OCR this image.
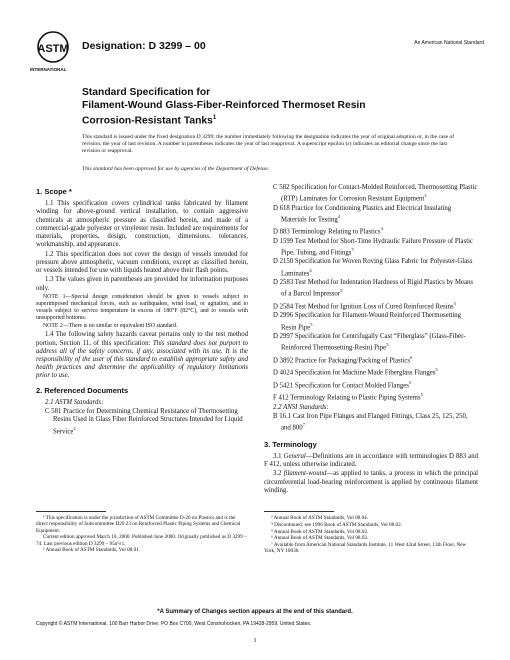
ASTM
INTERNATIONAL
Designation: D 3299 – 00	An American National Standard
Standard Specification for
Filament-Wound Glass-Fiber-Reinforced Thermoset Resin
Corrosion-Resistant Tanks$^1$
This standard is issued under the fixed designation D 3299; the number immediately following the designation indicates the year of original adoption or, in the case of revision, the year of last revision. A number in parentheses indicates the year of last reapproval. A superscript epsilon (ε) indicates an editorial change since the last revision or reapproval.
This standard has been approved for use by agencies of the Department of Defense.

1. Scope *

1.1 This specification covers cylindrical tanks fabricated by filament winding for above-ground vertical installation, to contain aggressive chemicals at atmospheric pressure as classified herein, and made of a commercial-grade polyester or vinylester resin. Included are requirements for materials, properties, design, construction, dimensions, tolerances, workmanship, and appearance.

1.2 This specification does not cover the design of vessels intended for pressure above atmospheric, vacuum conditions, except as classified herein, or vessels intended for use with liquids heated above their flash points.

1.3 The values given in parentheses are provided for information purposes only.

NOTE 1—Special design consideration should be given to vessels subject to superimposed mechanical forces, such as earthquakes, wind load, or agitation, and to vessels subject to service temperature in excess of 180°F (82°C), and to vessels with unsupported bottoms.

NOTE 2—There is no similar or equivalent ISO standard.

1.4 The following safety hazards caveat pertains only to the test method portion, Section 11, of this specification: This standard does not purport to address all of the safety concerns, if any, associated with its use. It is the responsibility of the user of this standard to establish appropriate safety and health practices and determine the applicability of regulatory limitations prior to use.

2. Referenced Documents

2.1 ASTM Standards:

C 581 Practice for Determining Chemical Resistance of Thermosetting Resins Used in Glass Fiber Reinforced Structures Intended for Liquid Service$^2$

C 582 Specification for Contact-Molded Reinforced, Thermosetting Plastic (RTP) Laminates for Corrosion Resistant Equipment$^3$

D 618 Practice for Conditioning Plastics and Electrical Insulating Materials for Testing$^4$

D 883 Terminology Relating to Plastics$^4$

D 1599 Test Method for Short-Time Hydraulic Failure Pressure of Plastic Pipe, Tubing, and Fittings$^5$

D 2150 Specification for Woven Roving Glass Fabric for Polyester-Glass Laminates$^4$

D 2583 Test Method for Indentation Hardness of Rigid Plastics by Means of a Barcol Impressor$^5$

D 2584 Test Method for Ignition Loss of Cured Reinforced Resins$^5$

D 2996 Specification for Filament-Wound Reinforced Thermosetting Resin Pipe$^5$

D 2997 Specification for Centrifugally Cast “Fiberglass” (Glass-Fiber-Reinforced Thermosetting-Resin) Pipe$^5$

D 3892 Practice for Packaging/Packing of Plastics$^6$

D 4024 Specification for Machine Made Fiberglass Flanges$^5$

D 5421 Specification for Contact Molded Flanges$^5$

F 412 Terminology Relating to Plastic Piping Systems$^5$

2.2 ANSI Standards:

B 16.1 Cast Iron Pipe Flanges and Flanged Fittings, Class 25, 125, 250, and $800^7$

3. Terminology

3.1 General—Definitions are in accordance with terminologies D 883 and F 412, unless otherwise indicated.

3.2 filament-wound—as applied to tanks, a process in which the principal circumferential load-bearing reinforcement is applied by continuous filament winding.

¹ This specification is under the jurisdiction of ASTM Committee D-20 on Plastics and is the direct responsibility of Subcommittee D20.23 on Reinforced Plastic Piping Systems and Chemical Equipment.

Current edition approved March 10, 2000. Published June 2000. Originally published as D 3299 – 74. Last previous edition D 3299 – 95a^ε1.

² Annual Book of ASTM Standards, Vol 08.01.

³ Annual Book of ASTM Standards, Vol 08.04.

⁴ Discontinued; see 1996 Book of ASTM Standards, Vol 08.02.

⁵ Annual Book of ASTM Standards, Vol 08.02.

⁶ Annual Book of ASTM Standards, Vol 08.03.

⁷ Available from American National Standards Institute, 11 West 42nd Street, 13th Floor, New York, NY 10036.

*A Summary of Changes section appears at the end of this standard.
Copyright © ASTM International, 100 Barr Harbor Drive, PO Box C700, West Conshohocken, PA 19428-2959, United States.
1
